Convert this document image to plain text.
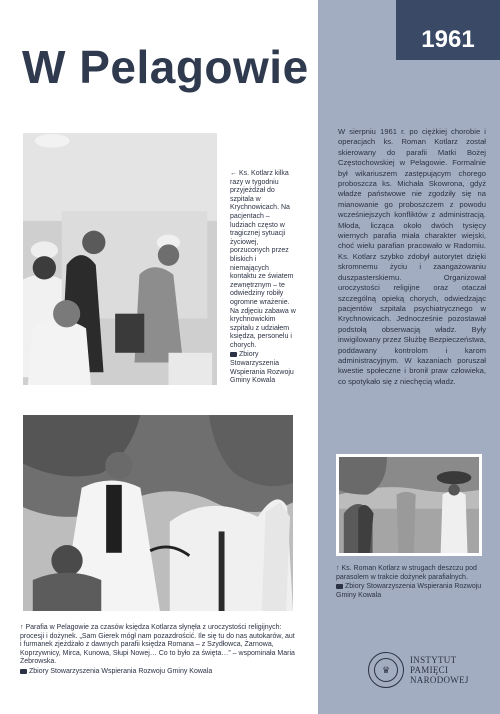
1961
W Pelagowie
← Ks. Kotlarz kilka razy w tygodniu przyjeżdżał do szpitala w Krychnowicach. Na pacjentach – ludziach często w tragicznej sytuacji życiowej, porzuconych przez bliskich i niemających kontaktu ze światem zewnętrznym – te odwiedziny robiły ogromne wrażenie. Na zdjęciu zabawa w krychnowickim szpitalu z udziałem księdza, personelu i chorych.
Zbiory Stowarzyszenia Wspierania Rozwoju Gminy Kowala
↑ Ks. Roman Kotlarz w strugach deszczu pod parasolem w trakcie dożynek parafialnych.
Zbiory Stowarzyszenia Wspierania Rozwoju Gminy Kowala
↑ Parafia w Pelagowie za czasów księdza Kotlarza słynęła z uroczystości religijnych: procesji i dożynek. „Sam Gierek mógł nam pozazdrościć. Ile się tu do nas autokarów, aut i furmanek zjeżdżało z dawnych parafii księdza Romana – z Szydłowca, Żarnowa, Koprzywnicy, Mirca, Kunowa, Słupi Nowej… Co to było za święta…” – wspominała Maria Żebrowska.
Zbiory Stowarzyszenia Wspierania Rozwoju Gminy Kowala
W sierpniu 1961 r. po ciężkiej chorobie i operacjach ks. Roman Kotlarz został skierowany do parafii Matki Bożej Częstochowskiej w Pelagowie. Formalnie był wikariuszem zastępującym chorego proboszcza ks. Michała Skowrona, gdyż władze państwowe nie zgodziły się na mianowanie go proboszczem z powodu wcześniejszych konfliktów z administracją. Młoda, licząca około dwóch tysięcy wiernych parafia miała charakter wiejski, choć wielu parafian pracowało w Radomiu. Ks. Kotlarz szybko zdobył autorytet dzięki skromnemu życiu i zaangażowaniu duszpasterskiemu. Organizował uroczystości religijne oraz otaczał szczególną opieką chorych, odwiedzając pacjentów szpitala psychiatrycznego w Krychnowicach. Jednocześnie pozostawał podstołą obserwacją władz. Były inwigilowany przez Służbę Bezpieczeństwa, poddawany kontrolom i karom administracyjnym. W kazaniach poruszał kwestie społeczne i bronił praw człowieka, co spotykało się z niechęcią władz.
♛
INSTYTUT
PAMIĘCI
NARODOWEJ
